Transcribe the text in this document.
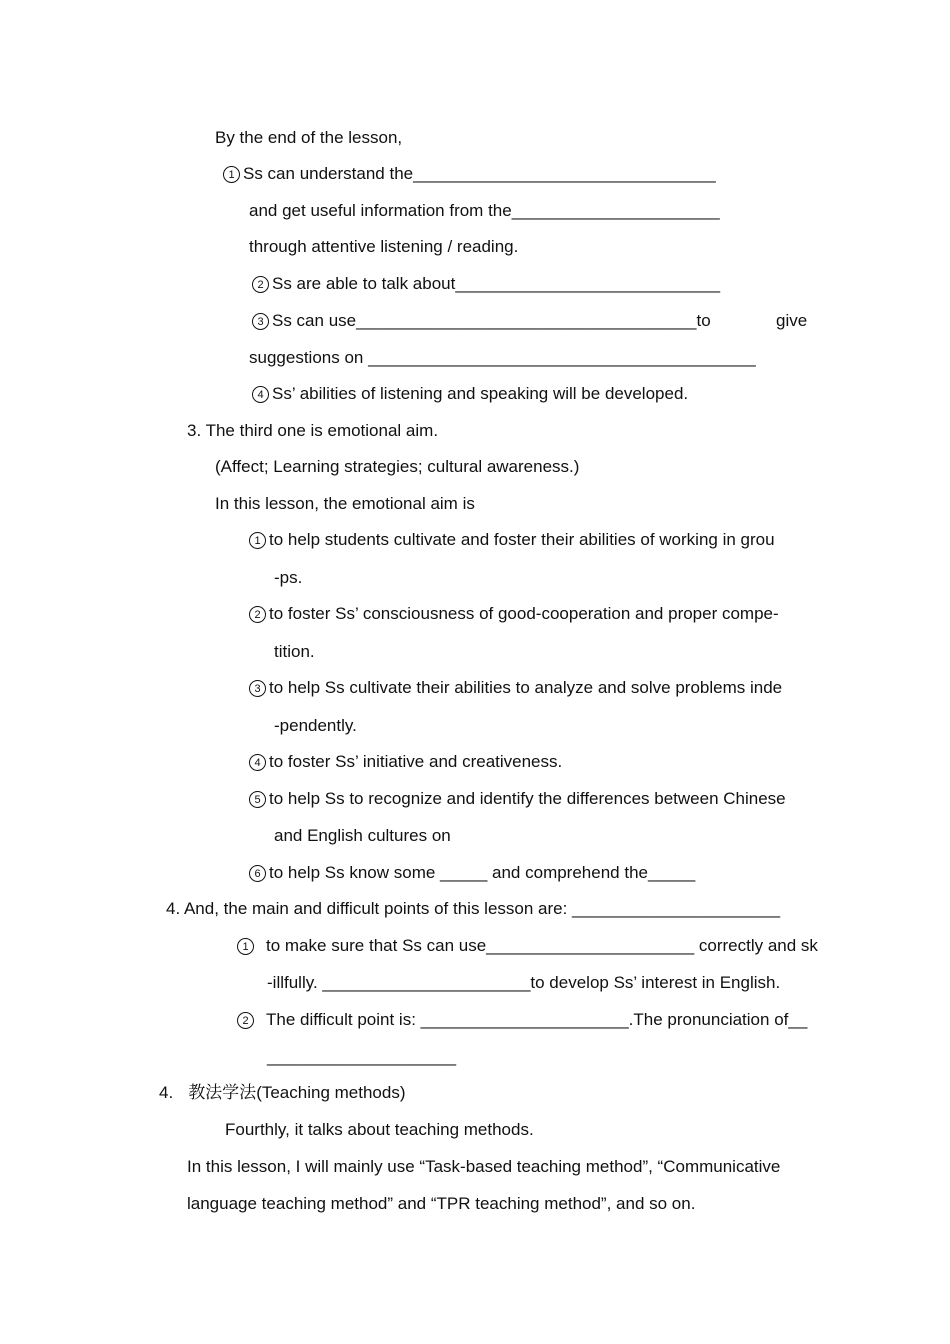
By the end of the lesson,
1 Ss can understand the________________________________
and get useful information from the______________________
through attentive listening / reading.
2 Ss are able to talk about____________________________
3 Ss can use____________________________________to	give
suggestions on _________________________________________
4 Ss’ abilities of listening and speaking will be developed.
3. The third one is emotional aim.
(Affect; Learning strategies; cultural awareness.)
In this lesson, the emotional aim is
1 to help students cultivate and foster their abilities of working in grou
-ps.
2 to foster Ss’ consciousness of good-cooperation and proper compe-
tition.
3 to help Ss cultivate their abilities to analyze and solve problems inde
-pendently.
4 to foster Ss’ initiative and creativeness.
5 to help Ss to recognize and identify the differences between Chinese
and English cultures on
6 to help Ss know some _____ and comprehend the_____
4. And, the main and difficult points of this lesson are: ______________________
1 to make sure that Ss can use______________________ correctly and sk
-illfully. ______________________to develop Ss’ interest in English.
2 The difficult point is: ______________________.The pronunciation of__
____________________
4. 教法学法(Teaching methods)
Fourthly, it talks about teaching methods.
In this lesson, I will mainly use “Task-based teaching method”, “Communicative
language teaching method” and “TPR teaching method”, and so on.
